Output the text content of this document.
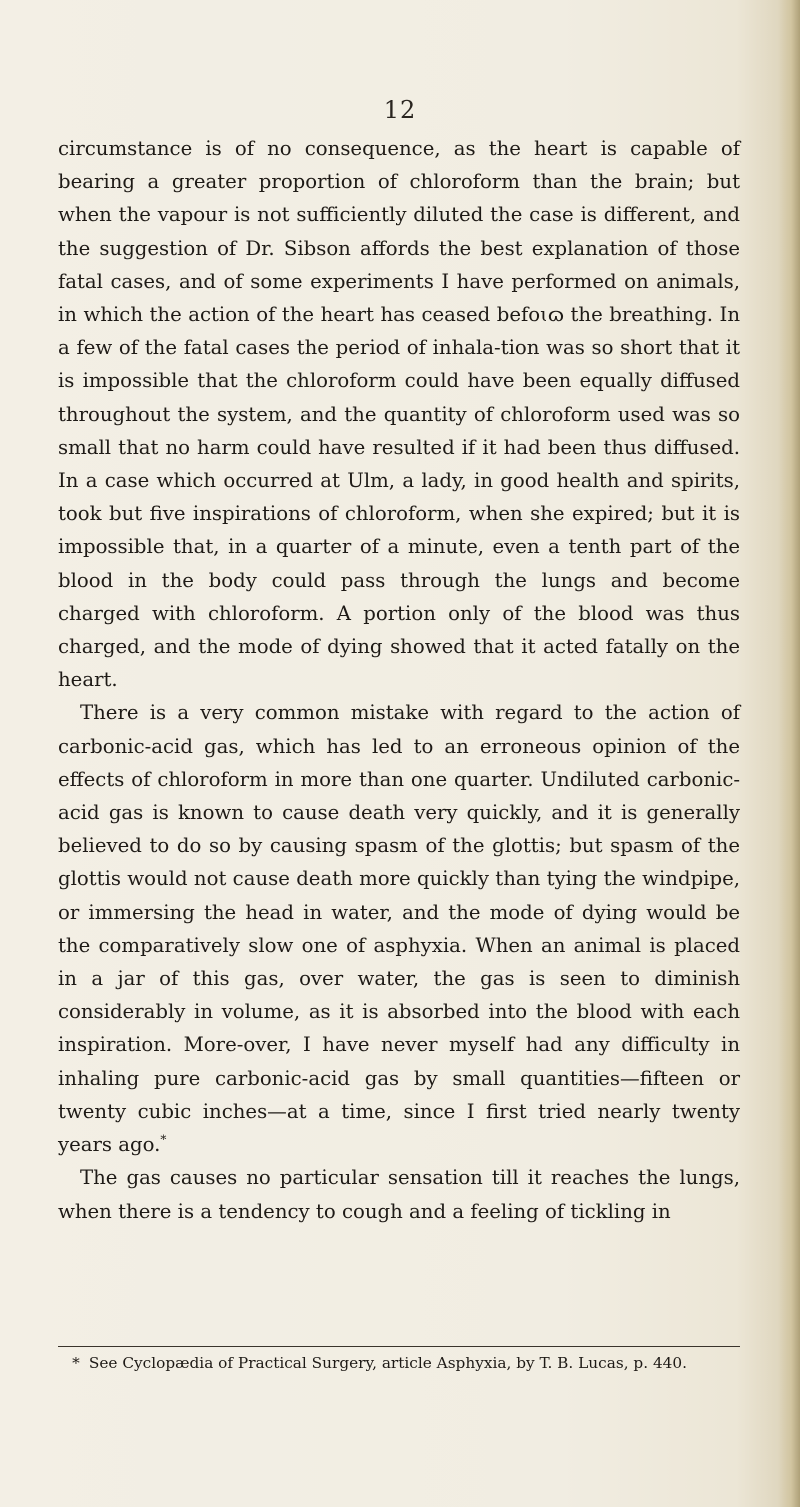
12

circumstance is of no consequence, as the heart is capable of bearing a greater proportion of chloroform than the brain; but when the vapour is not sufficiently diluted the case is different, and the suggestion of Dr. Sibson affords the best explanation of those fatal cases, and of some experiments I have performed on animals, in which the action of the heart has ceased befoɩɷ the breathing. In a few of the fatal cases the period of inhala-tion was so short that it is impossible that the chloroform could have been equally diffused throughout the system, and the quantity of chloroform used was so small that no harm could have resulted if it had been thus diffused. In a case which occurred at Ulm, a lady, in good health and spirits, took but five inspirations of chloroform, when she expired; but it is impossible that, in a quarter of a minute, even a tenth part of the blood in the body could pass through the lungs and become charged with chloroform. A portion only of the blood was thus charged, and the mode of dying showed that it acted fatally on the heart.

There is a very common mistake with regard to the action of carbonic-acid gas, which has led to an erroneous opinion of the effects of chloroform in more than one quarter. Undiluted carbonic-acid gas is known to cause death very quickly, and it is generally believed to do so by causing spasm of the glottis; but spasm of the glottis would not cause death more quickly than tying the windpipe, or immersing the head in water, and the mode of dying would be the comparatively slow one of asphyxia. When an animal is placed in a jar of this gas, over water, the gas is seen to diminish considerably in volume, as it is absorbed into the blood with each inspiration. More-over, I have never myself had any difficulty in inhaling pure carbonic-acid gas by small quantities—fifteen or twenty cubic inches—at a time, since I first tried nearly twenty years ago.*

The gas causes no particular sensation till it reaches the lungs, when there is a tendency to cough and a feeling of tickling in

* See Cyclopædia of Practical Surgery, article Asphyxia, by T. B. Lucas, p. 440.
